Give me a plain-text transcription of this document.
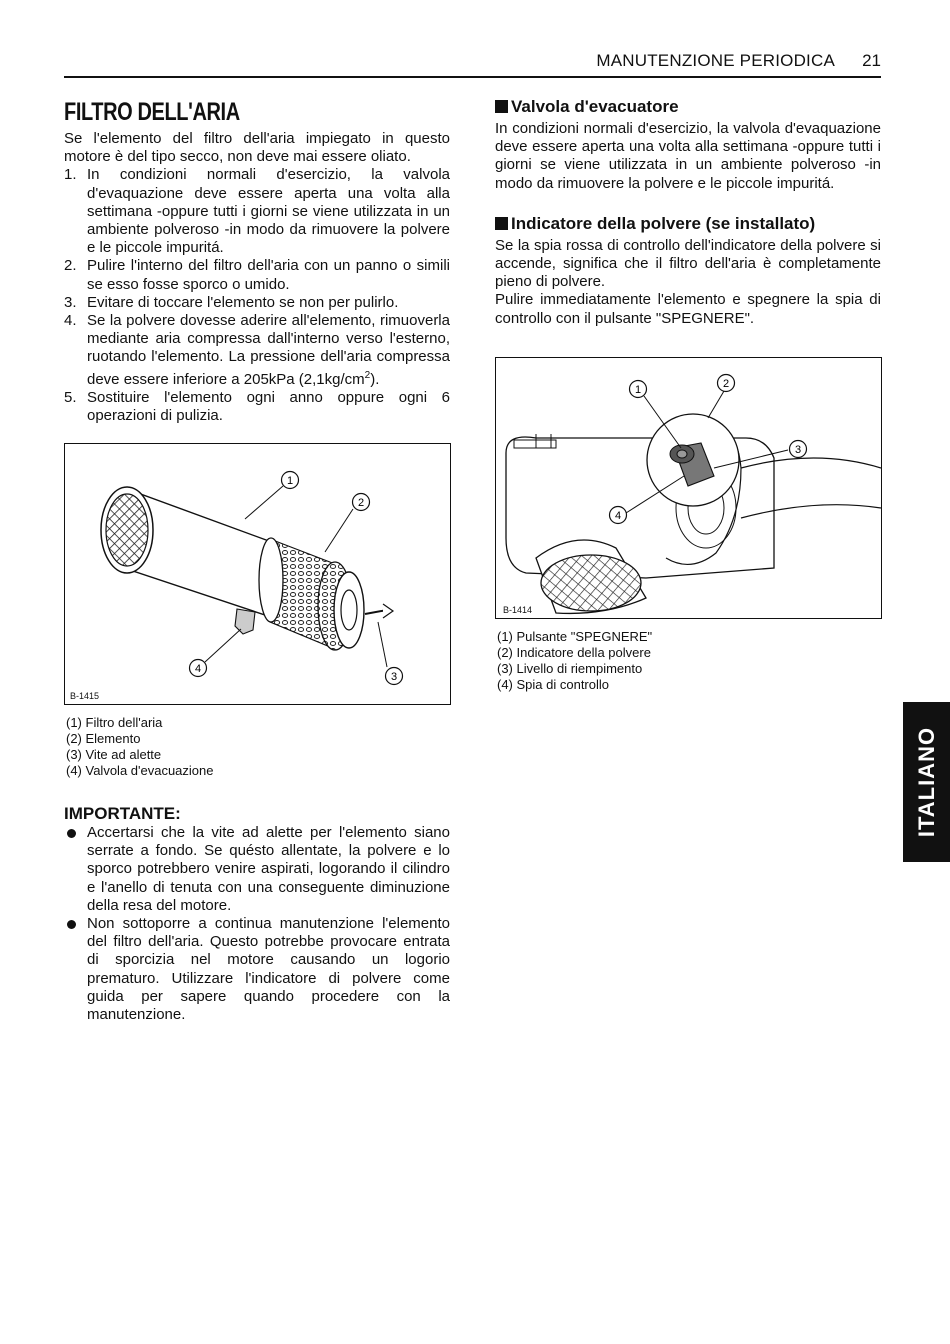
MANUTENZIONE PERIODICA 21
FILTRO DELL'ARIA

Se l'elemento del filtro dell'aria impiegato in questo motore è del tipo secco, non deve mai essere oliato.

1. In condizioni normali d'esercizio, la valvola d'evaquazione deve essere aperta una volta alla settimana -oppure tutti i giorni se viene utilizzata in un ambiente polveroso -in modo da rimuovere la polvere e le piccole impuritá.
2. Pulire l'interno del filtro dell'aria con un panno o simili se esso fosse sporco o umido.
3. Evitare di toccare l'elemento se non per pulirlo.
4. Se la polvere dovesse aderire all'elemento, rimuoverla mediante aria compressa dall'interno verso l'esterno, ruotando l'elemento. La pressione dell'aria compressa deve essere inferiore a 205kPa $(2,1kg/cm^2)$.
5. Sostituire l'elemento ogni anno oppure ogni 6 operazioni di pulizia.
1
2
3
4
B-1415
(1) Filtro dell'aria
(2) Elemento
(3) Vite ad alette
(4) Valvola d'evacuazione
IMPORTANTE:
Accertarsi che la vite ad alette per l'elemento siano serrate a fondo. Se quésto allentate, la polvere e lo sporco potrebbero venire aspirati, logorando il cilindro e l'anello di tenuta con una conseguente diminuzione della resa del motore.
Non sottoporre a continua manutenzione l'elemento del filtro dell'aria. Questo potrebbe provocare entrata di sporcizia nel motore causando un logorio prematuro. Utilizzare l'indicatore di polvere come guida per sapere quando procedere con la manutenzione.
Valvola d'evacuatore

In condizioni normali d'esercizio, la valvola d'evaquazione deve essere aperta una volta alla settimana -oppure tutti i giorni se viene utilizzata in un ambiente polveroso -in modo da rimuovere la polvere e le piccole impuritá.

Indicatore della polvere (se installato)

Se la spia rossa di controllo dell'indicatore della polvere si accende, significa che il filtro dell'aria è completamente pieno di polvere.

Pulire immediatamente l'elemento e spegnere la spia di controllo con il pulsante "SPEGNERE".

1	2
3
4
B-1414
(1) Pulsante "SPEGNERE"
(2) Indicatore della polvere
(3) Livello di riempimento
(4) Spia di controllo
ITALIANO
